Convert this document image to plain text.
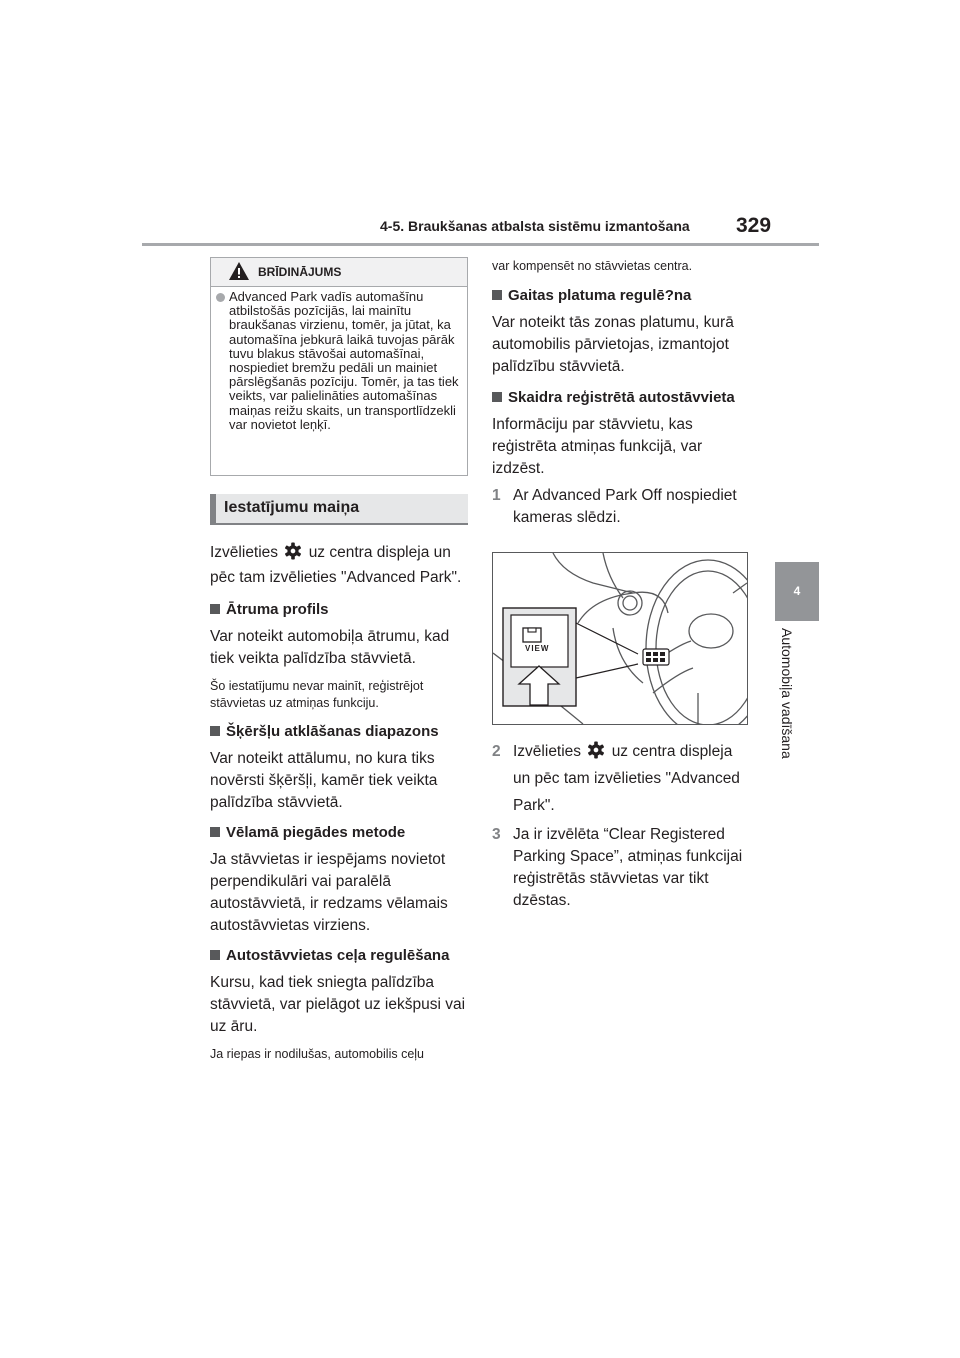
4-5. Braukšanas atbalsta sistēmu izmantošana 329
4
Automobiļa vadīšana
BRĪDINĀJUMS
Advanced Park vadīs automašīnu atbilstošās pozīcijās, lai mainītu braukšanas virzienu, tomēr, ja jūtat, ka automašīna jebkurā laikā tuvojas pārāk tuvu blakus stāvošai automašīnai, nospiediet bremžu pedāli un mainiet pārslēgšanās pozīciju. Tomēr, ja tas tiek veikts, var palielināties automašīnas maiņas reižu skaits, un transportlīdzekli var novietot leņķī.
Iestatījumu maiņa
Izvēlieties uz centra displeja un pēc tam izvēlieties "Advanced Park".
Ātruma profils
Var noteikt automobiļa ātrumu, kad tiek veikta palīdzība stāvvietā.
Šo iestatījumu nevar mainīt, reģistrējot stāvvietas uz atmiņas funkciju.
Šķēršļu atklāšanas diapazons
Var noteikt attālumu, no kura tiks novērsti šķēršļi, kamēr tiek veikta palīdzība stāvvietā.
Vēlamā piegādes metode
Ja stāvvietas ir iespējams novietot perpendikulāri vai paralēlā autostāvvietā, ir redzams vēlamais autostāvvietas virziens.
Autostāvvietas ceļa regulēšana
Kursu, kad tiek sniegta palīdzība stāvvietā, var pielāgot uz iekšpusi vai uz āru.
Ja riepas ir nodilušas, automobilis ceļu
var kompensēt no stāvvietas centra.
Gaitas platuma regulē?na
Var noteikt tās zonas platumu, kurā automobilis pārvietojas, izmantojot palīdzību stāvvietā.
Skaidra reģistrētā autostāvvieta
Informāciju par stāvvietu, kas reģistrēta atmiņas funkcijā, var izdzēst.
1 Ar Advanced Park Off nospiediet kameras slēdzi.
VIEW
2 Izvēlieties uz centra displeja un pēc tam izvēlieties "Advanced Park".
3 Ja ir izvēlēta “Clear Registered Parking Space”, atmiņas funkcijai reģistrētās stāvvietas var tikt dzēstas.
